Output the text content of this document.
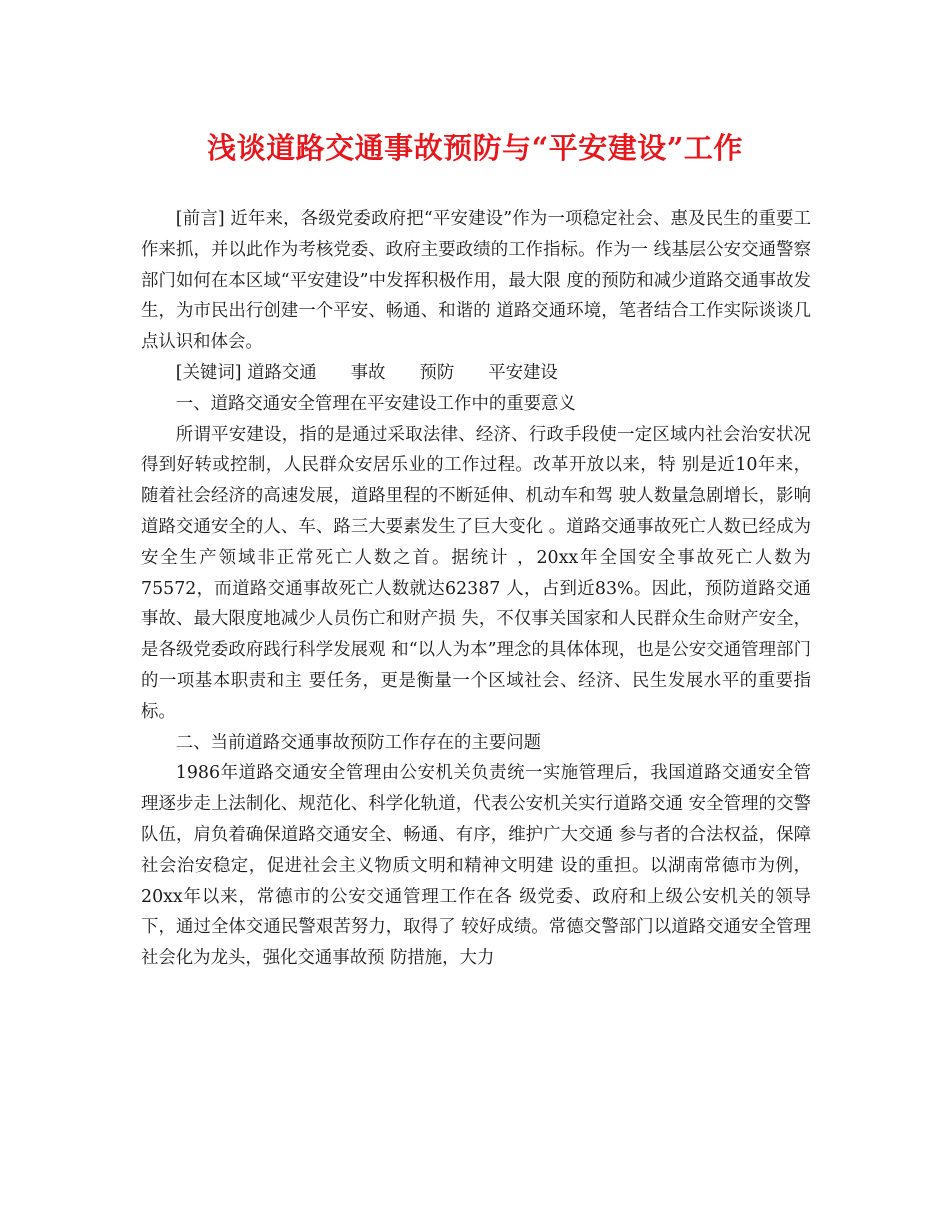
浅谈道路交通事故预防与“平安建设”工作

[前言] 近年来，各级党委政府把“平安建设”作为一项稳定社会、惠及民生的重要工作来抓，并以此作为考核党委、政府主要政绩的工作指标。作为一 线基层公安交通警察部门如何在本区域“平安建设”中发挥积极作用，最大限 度的预防和减少道路交通事故发生，为市民出行创建一个平安、畅通、和谐的 道路交通环境，笔者结合工作实际谈谈几点认识和体会。

[关键词] 道路交通 事故 预防 平安建设

一、道路交通安全管理在平安建设工作中的重要意义

所谓平安建设，指的是通过采取法律、经济、行政手段使一定区域内社会治安状况得到好转或控制，人民群众安居乐业的工作过程。改革开放以来，特 别是近10年来，随着社会经济的高速发展，道路里程的不断延伸、机动车和驾 驶人数量急剧增长，影响道路交通安全的人、车、路三大要素发生了巨大变化 。道路交通事故死亡人数已经成为安全生产领域非正常死亡人数之首。据统计 ，20xx年全国安全事故死亡人数为75572，而道路交通事故死亡人数就达62387 人，占到近83%。因此，预防道路交通事故、最大限度地减少人员伤亡和财产损 失，不仅事关国家和人民群众生命财产安全，是各级党委政府践行科学发展观 和“以人为本”理念的具体体现，也是公安交通管理部门的一项基本职责和主 要任务，更是衡量一个区域社会、经济、民生发展水平的重要指标。

二、当前道路交通事故预防工作存在的主要问题

1986年道路交通安全管理由公安机关负责统一实施管理后，我国道路交通安全管理逐步走上法制化、规范化、科学化轨道，代表公安机关实行道路交通 安全管理的交警队伍，肩负着确保道路交通安全、畅通、有序，维护广大交通 参与者的合法权益，保障社会治安稳定，促进社会主义物质文明和精神文明建 设的重担。以湖南常德市为例，20xx年以来，常德市的公安交通管理工作在各 级党委、政府和上级公安机关的领导下，通过全体交通民警艰苦努力，取得了 较好成绩。常德交警部门以道路交通安全管理社会化为龙头，强化交通事故预 防措施，大力
